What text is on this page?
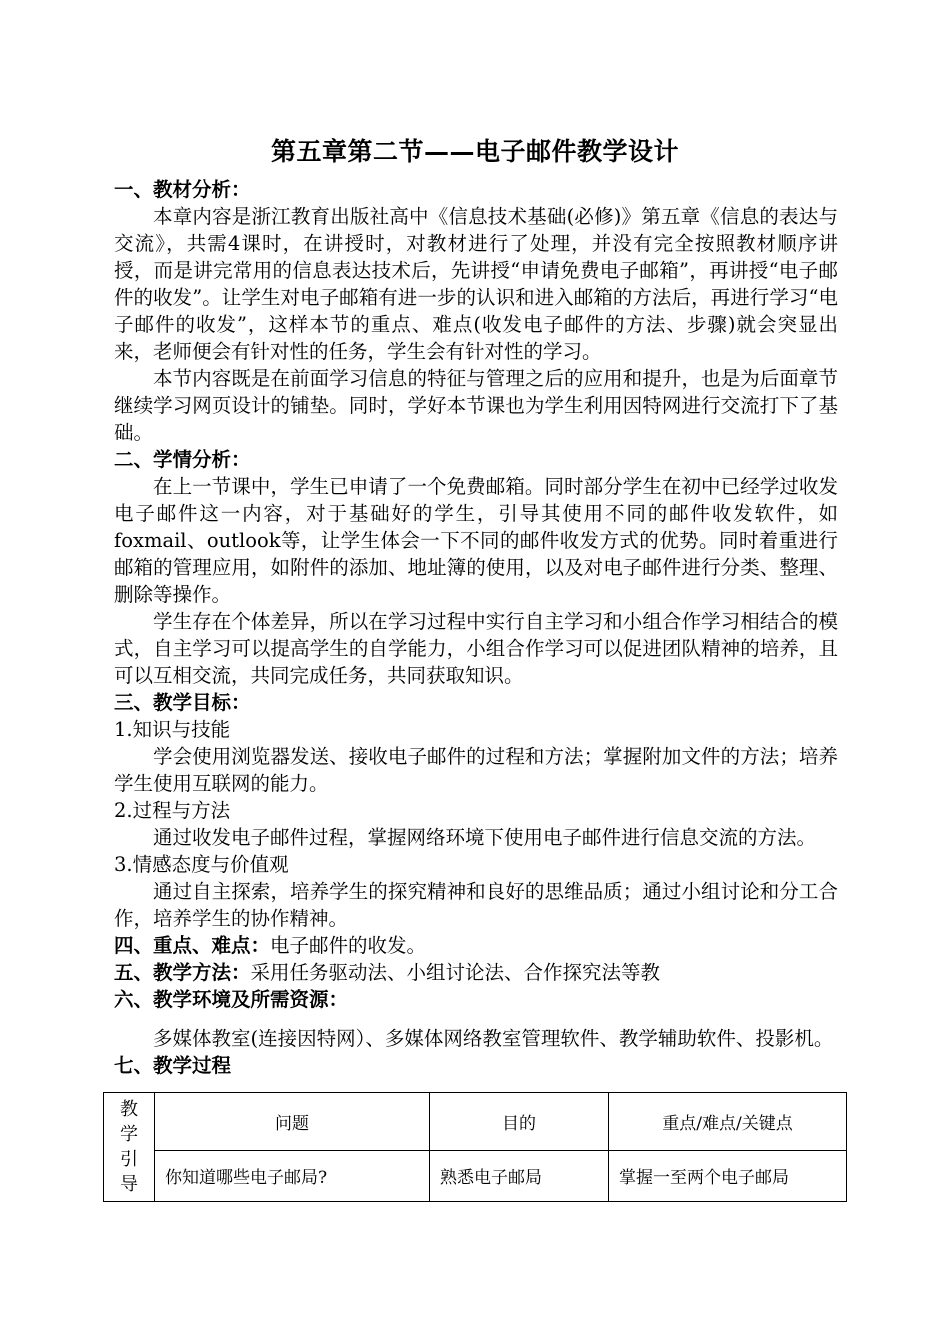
第五章第二节——电子邮件教学设计

一、教材分析：

本章内容是浙江教育出版社高中《信息技术基础(必修)》第五章《信息的表达与交流》，共需4课时，在讲授时，对教材进行了处理，并没有完全按照教材顺序讲授，而是讲完常用的信息表达技术后，先讲授“申请免费电子邮箱”，再讲授“电子邮件的收发”。让学生对电子邮箱有进一步的认识和进入邮箱的方法后，再进行学习“电子邮件的收发”，这样本节的重点、难点(收发电子邮件的方法、步骤)就会突显出来，老师便会有针对性的任务，学生会有针对性的学习。

本节内容既是在前面学习信息的特征与管理之后的应用和提升，也是为后面章节继续学习网页设计的铺垫。同时，学好本节课也为学生利用因特网进行交流打下了基础。

二、学情分析：

在上一节课中，学生已申请了一个免费邮箱。同时部分学生在初中已经学过收发电子邮件这一内容，对于基础好的学生，引导其使用不同的邮件收发软件，如foxmail、outlook等，让学生体会一下不同的邮件收发方式的优势。同时着重进行邮箱的管理应用，如附件的添加、地址簿的使用，以及对电子邮件进行分类、整理、删除等操作。

学生存在个体差异，所以在学习过程中实行自主学习和小组合作学习相结合的模式，自主学习可以提高学生的自学能力，小组合作学习可以促进团队精神的培养，且可以互相交流，共同完成任务，共同获取知识。

三、教学目标：

1.知识与技能

学会使用浏览器发送、接收电子邮件的过程和方法；掌握附加文件的方法；培养学生使用互联网的能力。

2.过程与方法

通过收发电子邮件过程，掌握网络环境下使用电子邮件进行信息交流的方法。

3.情感态度与价值观

通过自主探索，培养学生的探究精神和良好的思维品质；通过小组讨论和分工合作，培养学生的协作精神。

四、重点、难点：电子邮件的收发。

五、教学方法：采用任务驱动法、小组讨论法、合作探究法等教

六、教学环境及所需资源：

多媒体教室(连接因特网）、多媒体网络教室管理软件、教学辅助软件、投影机。

七、教学过程

教学引导	问题	目的	重点/难点/关键点
	你知道哪些电子邮局?	熟悉电子邮局	掌握一至两个电子邮局
